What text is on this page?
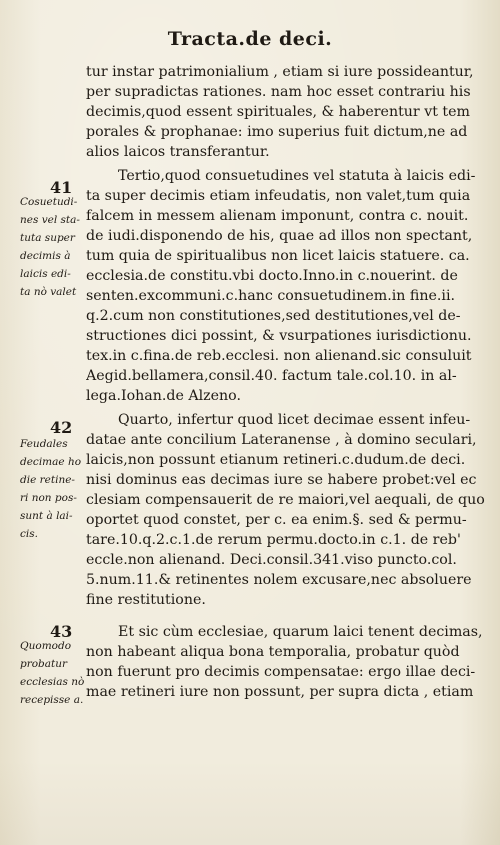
Tracta.de deci.
tur instar patrimonialium , etiam si iure possideantur,
per supradictas rationes. nam hoc esset contrariu his
decimis,quod essent spirituales, & haberentur vt tem
porales & prophanae: imo superius fuit dictum,ne ad
alios laicos transferantur.
Tertio,quod consuetudines vel statuta à laicis edi-
ta super decimis etiam infeudatis, non valet,tum quia
falcem in messem alienam imponunt, contra c. nouit.
de iudi.disponendo de his, quae ad illos non spectant,
tum quia de spiritualibus non licet laicis statuere. ca.
ecclesia.de constitu.vbi docto.Inno.in c.nouerint. de
senten.excommuni.c.hanc consuetudinem.in fine.ii.
q.2.cum non constitutiones,sed destitutiones,vel de-
structiones dici possint, & vsurpationes iurisdictionu.
tex.in c.fina.de reb.ecclesi. non alienand.sic consuluit
Aegid.bellamera,consil.40. factum tale.col.10. in al-
lega.Iohan.de Alzeno.
Quarto, infertur quod licet decimae essent infeu-
datae ante concilium Lateranense , à domino seculari,
laicis,non possunt etianum retineri.c.dudum.de deci.
nisi dominus eas decimas iure se habere probet:vel ec
clesiam compensauerit de re maiori,vel aequali, de quo
oportet quod constet, per c. ea enim.§. sed & permu-
tare.10.q.2.c.1.de rerum permu.docto.in c.1. de reb'
eccle.non alienand. Deci.consil.341.viso puncto.col.
5.num.11.& retinentes nolem excusare,nec absoluere
fine restitutione.
Et sic cùm ecclesiae, quarum laici tenent decimas,
non habeant aliqua bona temporalia, probatur quòd
non fuerunt pro decimis compensatae: ergo illae deci-
mae retineri iure non possunt, per supra dicta , etiam
41
42
43
Cosuetudi-
nes vel sta-
tuta super
decimis à
laicis edi-
ta nò valet
Feudales
decimae ho
die retine-
ri non pos-
sunt à lai-
cis.
Quomodo
probatur
ecclesias nò
recepisse a.
